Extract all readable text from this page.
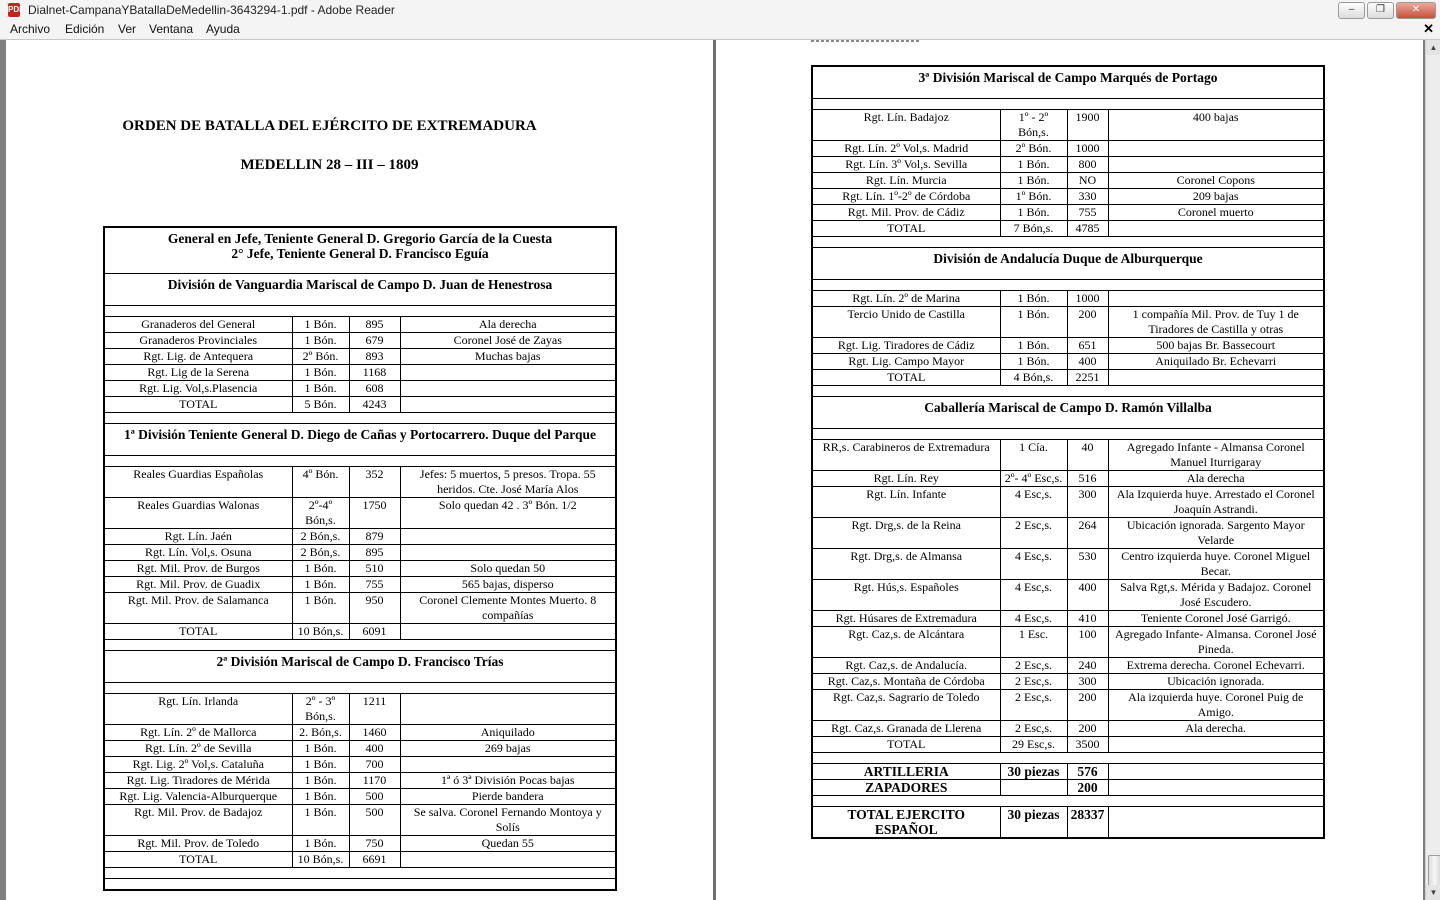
PDF Dialnet-CampanaYBatallaDeMedellin-3643294-1.pdf - Adobe Reader	–	❐	✕
Archivo Edición Ver Ventana Ayuda	✕
ORDEN DE BATALLA DEL EJÉRCITO DE EXTREMADURA
MEDELLIN 28 – III – 1809
General en Jefe, Teniente General D. Gregorio García de la Cuesta
2° Jefe, Teniente General D. Francisco Eguía			

División de Vanguardia Mariscal de Campo D. Juan de Henestrosa			

Granaderos del General	1 Bón.	895	Ala derecha
Granaderos Provinciales	1 Bón.	679	Coronel José de Zayas
Rgt. Lig. de Antequera	2º Bón.	893	Muchas bajas
Rgt. Lig de la Serena	1 Bón.	1168	
Rgt. Lig. Vol,s.Plasencia	1 Bón.	608	
TOTAL	5 Bón.	4243	

1ª División Teniente General D. Diego de Cañas y Portocarrero. Duque del Parque			

Reales Guardias Españolas	4º Bón.	352	Jefes: 5 muertos, 5 presos. Tropa. 55 heridos. Cte. José María Alos
Reales Guardias Walonas	2º-4º Bón,s.	1750	Solo quedan 42 . 3º Bón. 1/2
Rgt. Lín. Jaén	2 Bón,s.	879	
Rgt. Lín. Vol,s. Osuna	2 Bón,s.	895	
Rgt. Mil. Prov. de Burgos	1 Bón.	510	Solo quedan 50
Rgt. Mil. Prov. de Guadix	1 Bón.	755	565 bajas, disperso
Rgt. Mil. Prov. de Salamanca	1 Bón.	950	Coronel Clemente Montes Muerto. 8 compañías
TOTAL	10 Bón,s.	6091	

2ª División Mariscal de Campo D. Francisco Trías			

Rgt. Lín. Irlanda	2º - 3º Bón,s.	1211	
Rgt. Lín. 2º de Mallorca	2. Bón,s.	1460	Aniquilado
Rgt. Lín. 2º de Sevilla	1 Bón.	400	269 bajas
Rgt. Lig. 2º Vol,s. Cataluña	1 Bón.	700	
Rgt. Lig. Tiradores de Mérida	1 Bón.	1170	1ª ó 3ª División Pocas bajas
Rgt. Lig. Valencia-Alburquerque	1 Bón.	500	Pierde bandera
Rgt. Mil. Prov. de Badajoz	1 Bón.	500	Se salva. Coronel Fernando Montoya y Solís
Rgt. Mil. Prov. de Toledo	1 Bón.	750	Quedan 55
TOTAL	10 Bón,s.	6691	

3ª División Mariscal de Campo Marqués de Portago			

Rgt. Lín. Badajoz	1º - 2º Bón,s.	1900	400 bajas
Rgt. Lín. 2º Vol,s. Madrid	2º Bón.	1000	
Rgt. Lín. 3º Vol,s. Sevilla	1 Bón.	800	
Rgt. Lín. Murcia	1 Bón.	NO	Coronel Copons
Rgt. Lín. 1º-2º de Córdoba	1º Bón.	330	209 bajas
Rgt. Mil. Prov. de Cádiz	1 Bón.	755	Coronel muerto
TOTAL	7 Bón,s.	4785	

División de Andalucía Duque de Alburquerque			

Rgt. Lín. 2º de Marina	1 Bón.	1000	
Tercio Unido de Castilla	1 Bón.	200	1 compañía Mil. Prov. de Tuy 1 de Tiradores de Castilla y otras
Rgt. Lig. Tiradores de Cádiz	1 Bón.	651	500 bajas Br. Bassecourt
Rgt. Lig. Campo Mayor	1 Bón.	400	Aniquilado Br. Echevarri
TOTAL	4 Bón,s.	2251	

Caballería Mariscal de Campo D. Ramón Villalba			

RR,s. Carabineros de Extremadura	1 Cía.	40	Agregado Infante - Almansa Coronel Manuel Iturrigaray
Rgt. Lín. Rey	2º- 4º Esc,s.	516	Ala derecha
Rgt. Lín. Infante	4 Esc,s.	300	Ala Izquierda huye. Arrestado el Coronel Joaquín Astrandi.
Rgt. Drg,s. de la Reina	2 Esc,s.	264	Ubicación ignorada. Sargento Mayor Velarde
Rgt. Drg,s. de Almansa	4 Esc,s.	530	Centro izquierda huye. Coronel Miguel Becar.
Rgt. Hús,s. Españoles	4 Esc,s.	400	Salva Rgt,s. Mérida y Badajoz. Coronel José Escudero.
Rgt. Húsares de Extremadura	4 Esc,s.	410	Teniente Coronel José Garrigó.
Rgt. Caz,s. de Alcántara	1 Esc.	100	Agregado Infante- Almansa. Coronel José Pineda.
Rgt. Caz,s. de Andalucía.	2 Esc,s.	240	Extrema derecha. Coronel Echevarri.
Rgt. Caz,s. Montaña de Córdoba	2 Esc,s.	300	Ubicación ignorada.
Rgt. Caz,s. Sagrario de Toledo	2 Esc,s.	200	Ala izquierda huye. Coronel Puig de Amigo.
Rgt. Caz,s. Granada de Llerena	2 Esc,s.	200	Ala derecha.
TOTAL	29 Esc,s.	3500	

ARTILLERIA	30 piezas	576	
ZAPADORES		200	

TOTAL EJERCITO ESPAÑOL	30 piezas	28337	
▲
▼
